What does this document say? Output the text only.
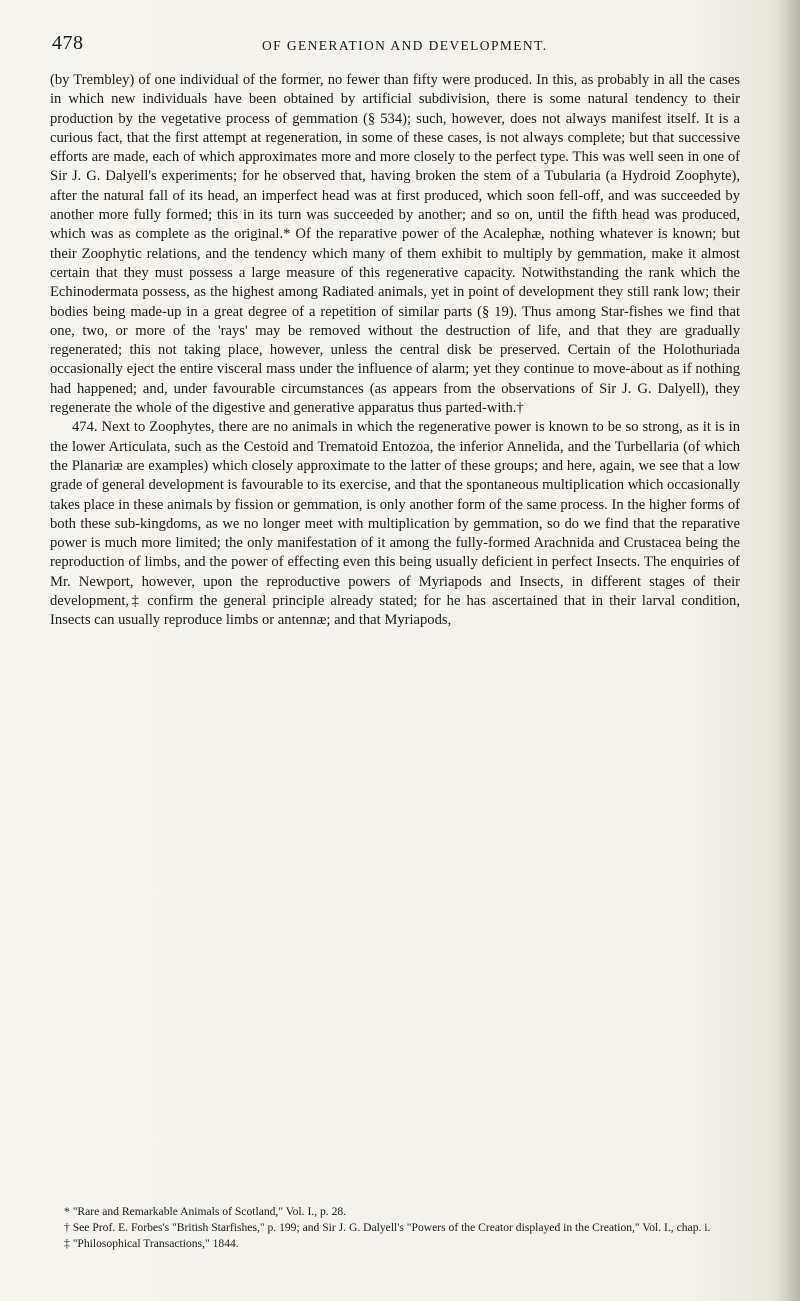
478	OF GENERATION AND DEVELOPMENT.

(by Trembley) of one individual of the former, no fewer than fifty were produced. In this, as probably in all the cases in which new individuals have been obtained by artificial subdivision, there is some natural tendency to their production by the vegetative process of gemmation (§ 534); such, however, does not always manifest itself. It is a curious fact, that the first attempt at regeneration, in some of these cases, is not always complete; but that successive efforts are made, each of which approximates more and more closely to the perfect type. This was well seen in one of Sir J. G. Dalyell's experiments; for he observed that, having broken the stem of a Tubularia (a Hydroid Zoophyte), after the natural fall of its head, an imperfect head was at first produced, which soon fell-off, and was succeeded by another more fully formed; this in its turn was succeeded by another; and so on, until the fifth head was produced, which was as complete as the original.* Of the reparative power of the Acalephæ, nothing whatever is known; but their Zoophytic relations, and the tendency which many of them exhibit to multiply by gemmation, make it almost certain that they must possess a large measure of this regenerative capacity. Notwithstanding the rank which the Echinodermata possess, as the highest among Radiated animals, yet in point of development they still rank low; their bodies being made-up in a great degree of a repetition of similar parts (§ 19). Thus among Star-fishes we find that one, two, or more of the 'rays' may be removed without the destruction of life, and that they are gradually regenerated; this not taking place, however, unless the central disk be preserved. Certain of the Holothuriada occasionally eject the entire visceral mass under the influence of alarm; yet they continue to move-about as if nothing had happened; and, under favourable circumstances (as appears from the observations of Sir J. G. Dalyell), they regenerate the whole of the digestive and generative apparatus thus parted-with.†

474. Next to Zoophytes, there are no animals in which the regenerative power is known to be so strong, as it is in the lower Articulata, such as the Cestoid and Trematoid Entozoa, the inferior Annelida, and the Turbellaria (of which the Planariæ are examples) which closely approximate to the latter of these groups; and here, again, we see that a low grade of general development is favourable to its exercise, and that the spontaneous multiplication which occasionally takes place in these animals by fission or gemmation, is only another form of the same process. In the higher forms of both these sub-kingdoms, as we no longer meet with multiplication by gemmation, so do we find that the reparative power is much more limited; the only manifestation of it among the fully-formed Arachnida and Crustacea being the reproduction of limbs, and the power of effecting even this being usually deficient in perfect Insects. The enquiries of Mr. Newport, however, upon the reproductive powers of Myriapods and Insects, in different stages of their development,‡ confirm the general principle already stated; for he has ascertained that in their larval condition, Insects can usually reproduce limbs or antennæ; and that Myriapods,

* "Rare and Remarkable Animals of Scotland," Vol. I., p. 28.

† See Prof. E. Forbes's "British Starfishes," p. 199; and Sir J. G. Dalyell's "Powers of the Creator displayed in the Creation," Vol. I., chap. i.

‡ "Philosophical Transactions," 1844.
